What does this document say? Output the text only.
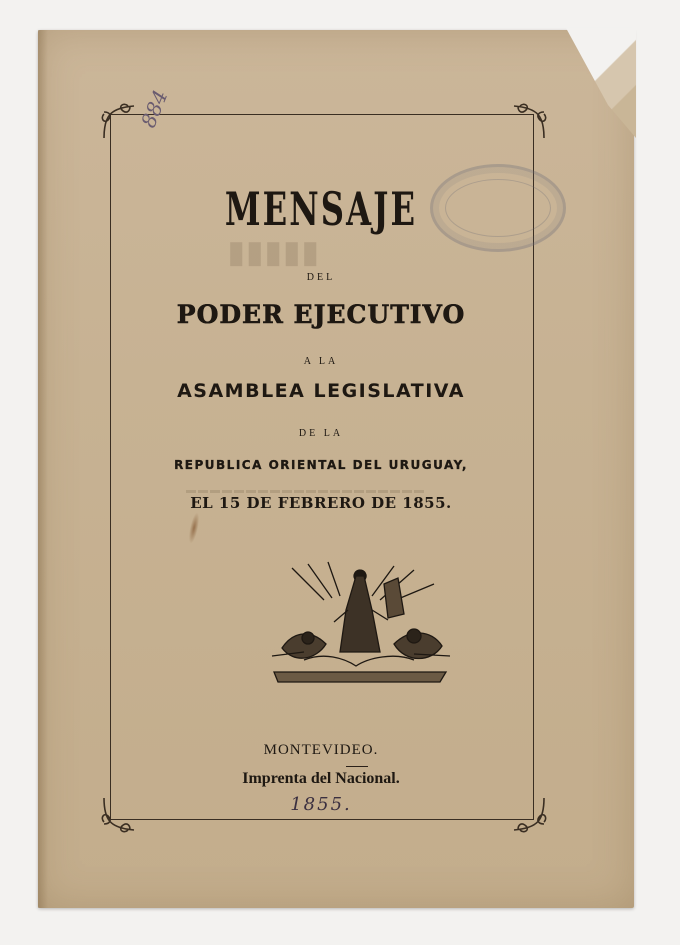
884
▮▮▮▮▮
▬▬▬▬▬▬▬▬▬▬▬▬▬▬▬▬▬▬▬▬
MENSAJE
DEL
PODER EJECUTIVO
A LA
ASAMBLEA LEGISLATIVA
DE LA
REPUBLICA ORIENTAL DEL URUGUAY,
EL 15 DE FEBRERO DE 1855.
MONTEVIDEO.
Imprenta del Nacional.
1855.
